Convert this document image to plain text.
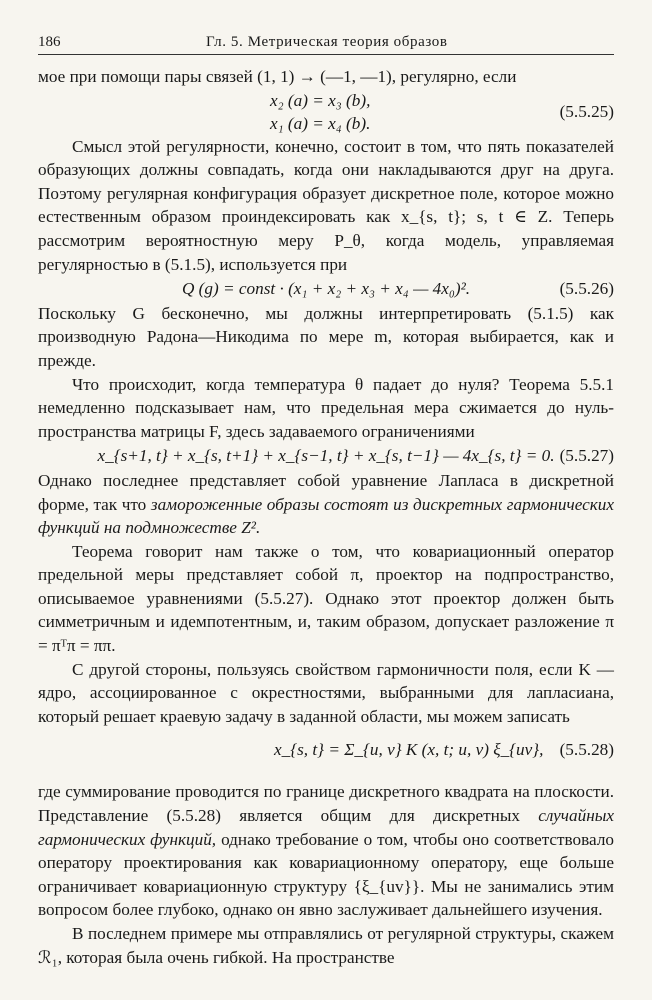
186	Гл. 5. Метрическая теория образов

мое при помощи пары связей (1, 1) → (—1, —1), регулярно, если

x₂ (a) = x₃ (b),
x₁ (a) = x₄ (b).
(5.5.25)

Смысл этой регулярности, конечно, состоит в том, что пять показателей образующих должны совпадать, когда они накладываются друг на друга. Поэтому регулярная конфигурация образует дискретное поле, которое можно естественным образом проиндексировать как x_{s, t}; s, t ∈ Z. Теперь рассмотрим вероятностную меру P_θ, когда модель, управляемая регулярностью в (5.1.5), используется при

Q (g) = const · (x₁ + x₂ + x₃ + x₄ — 4x₀)².	(5.5.26)

Поскольку G бесконечно, мы должны интерпретировать (5.1.5) как производную Радона—Никодима по мере m, которая выбирается, как и прежде.

Что происходит, когда температура θ падает до нуля? Теорема 5.5.1 немедленно подсказывает нам, что предельная мера сжимается до нуль-пространства матрицы F, здесь задаваемого ограничениями

x_{s+1, t} + x_{s, t+1} + x_{s−1, t} + x_{s, t−1} — 4x_{s, t} = 0. (5.5.27)

Однако последнее представляет собой уравнение Лапласа в дискретной форме, так что замороженные образы состоят из дискретных гармонических функций на подмножестве Z².

Теорема говорит нам также о том, что ковариационный оператор предельной меры представляет собой π, проектор на подпространство, описываемое уравнениями (5.5.27). Однако этот проектор должен быть симметричным и идемпотентным, и, таким образом, допускает разложение π = πᵀπ = ππ.

С другой стороны, пользуясь свойством гармоничности поля, если K —ядро, ассоциированное с окрестностями, выбранными для лапласиана, который решает краевую задачу в заданной области, мы можем записать

x_{s, t} = Σ_{u, v} K (x, t; u, v) ξ_{uv}, (5.5.28)

где суммирование проводится по границе дискретного квадрата на плоскости. Представление (5.5.28) является общим для дискретных случайных гармонических функций, однако требование о том, чтобы оно соответствовало оператору проектирования как ковариационному оператору, еще больше ограничивает ковариационную структуру {ξ_{uv}}. Мы не занимались этим вопросом более глубоко, однако он явно заслуживает дальнейшего изучения.

В последнем примере мы отправлялись от регулярной структуры, скажем ℛ₁, которая была очень гибкой. На пространстве
